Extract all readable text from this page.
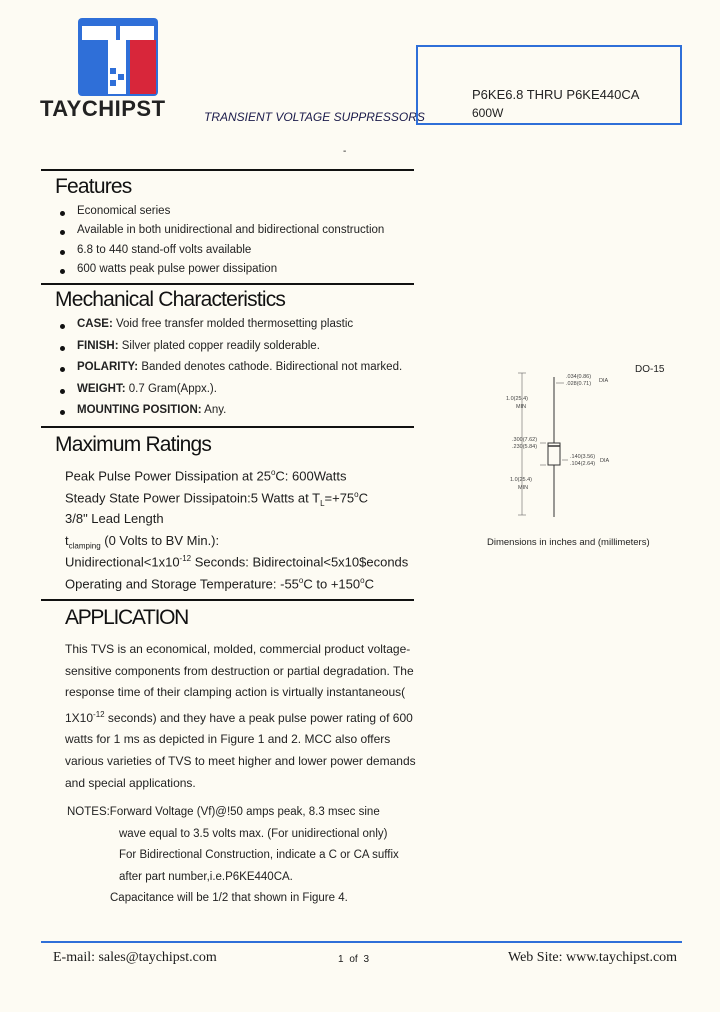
TAYCHIPST	TRANSIENT VOLTAGE SUPPRESSORS
P6KE6.8 THRU P6KE440CA
600W
-
Features
Economical series
Available in both unidirectional and bidirectional construction
6.8 to 440 stand-off volts available
600 watts peak pulse power dissipation
Mechanical Characteristics
CASE: Void free transfer molded thermosetting plastic
FINISH: Silver plated copper readily solderable.
POLARITY: Banded denotes cathode. Bidirectional not marked.
WEIGHT: 0.7 Gram(Appx.).
MOUNTING POSITION: Any.
Maximum Ratings
Peak Pulse Power Dissipation at 25$^o$C: 600Watts
Steady State Power Dissipatoin:5 Watts at $T_L=+75^oC$
3/8" Lead Length
$t_{clamping}$ (0 Volts to BV Min.):
$Unidirectional<1x10^{-12}$ Seconds: Bidirectoinal<5x10$econds
Operating and Storage Temperature: -55$^o$C to $+150^oC$
APPLICATION

This TVS is an economical, molded, commercial product voltage-

sensitive components from destruction or partial degradation. The

response time of their clamping action is virtually instantaneous(

$1X10^{-12}$ seconds) and they have a peak pulse power rating of 600

watts for 1 ms as depicted in Figure 1 and 2. MCC also offers

various varieties of TVS to meet higher and lower power demands

and special applications.

NOTES:Forward Voltage (Vf)@!50 amps peak, 8.3 msec sine
wave equal to 3.5 volts max. (For unidirectional only)
For Bidirectional Construction, indicate a C or CA suffix
after part number,i.e.P6KE440CA.
Capacitance will be 1/2 that shown in Figure 4.
DO-15
.034(0.86)
.028(0.71) DIA
1.0(25.4)
MIN
.300(7.62)
.230(5.84)
.140(3.56)
.104(2.64) DIA
1.0(25.4)
MIN
Dimensions in inches and (millimeters)
E-mail: sales@taychipst.com	1 of 3	Web Site: www.taychipst.com
